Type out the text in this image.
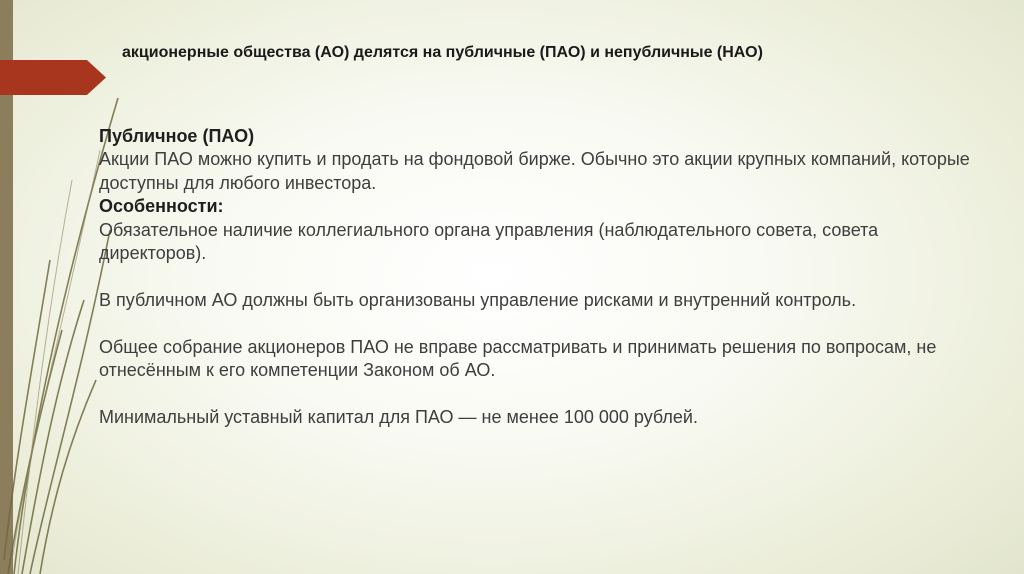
акционерные общества (АО) делятся на публичные (ПАО) и непубличные (НАО)

Публичное (ПАО)

Акции ПАО можно купить и продать на фондовой бирже. Обычно это акции крупных компаний, которые доступны для любого инвестора.

Особенности:

Обязательное наличие коллегиального органа управления (наблюдательного совета, совета директоров).

В публичном АО должны быть организованы управление рисками и внутренний контроль.

Общее собрание акционеров ПАО не вправе рассматривать и принимать решения по вопросам, не отнесённым к его компетенции Законом об АО.

Минимальный уставный капитал для ПАО — не менее 100 000 рублей.
